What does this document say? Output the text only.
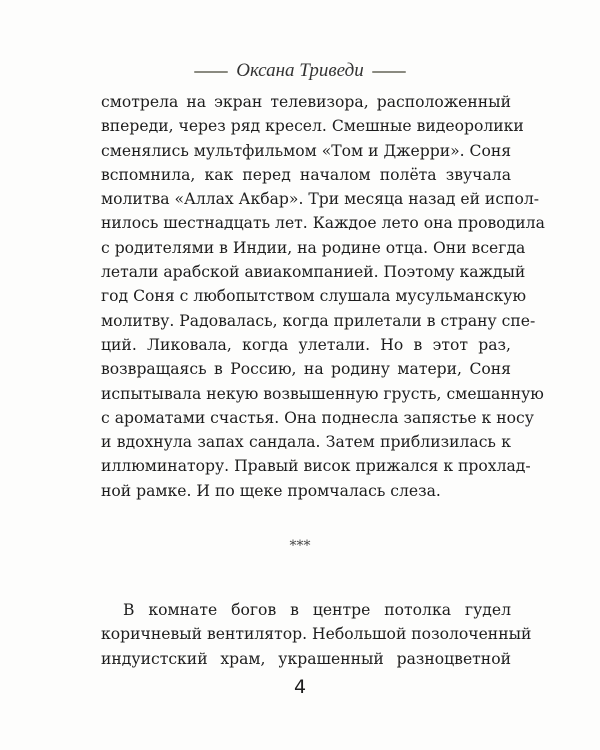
Оксана Триведи
смотрела на экран телевизора, расположенный
впереди, через ряд кресел. Смешные видеоролики
сменялись мультфильмом «Том и Джерри». Соня
вспомнила, как перед началом полёта звучала
молитва «Аллах Акбар». Три месяца назад ей испол-
нилось шестнадцать лет. Каждое лето она проводила
с родителями в Индии, на родине отца. Они всегда
летали арабской авиакомпанией. Поэтому каждый
год Соня с любопытством слушала мусульманскую
молитву. Радовалась, когда прилетали в страну спе-
ций. Ликовала, когда улетали. Но в этот раз,
возвращаясь в Россию, на родину матери, Соня
испытывала некую возвышенную грусть, смешанную
с ароматами счастья. Она поднесла запястье к носу
и вдохнула запах сандала. Затем приблизилась к
иллюминатору. Правый висок прижался к прохлад-
ной рамке. И по щеке промчалась слеза.
***
В комнате богов в центре потолка гудел
коричневый вентилятор. Небольшой позолоченный
индуистский храм, украшенный разноцветной
4
